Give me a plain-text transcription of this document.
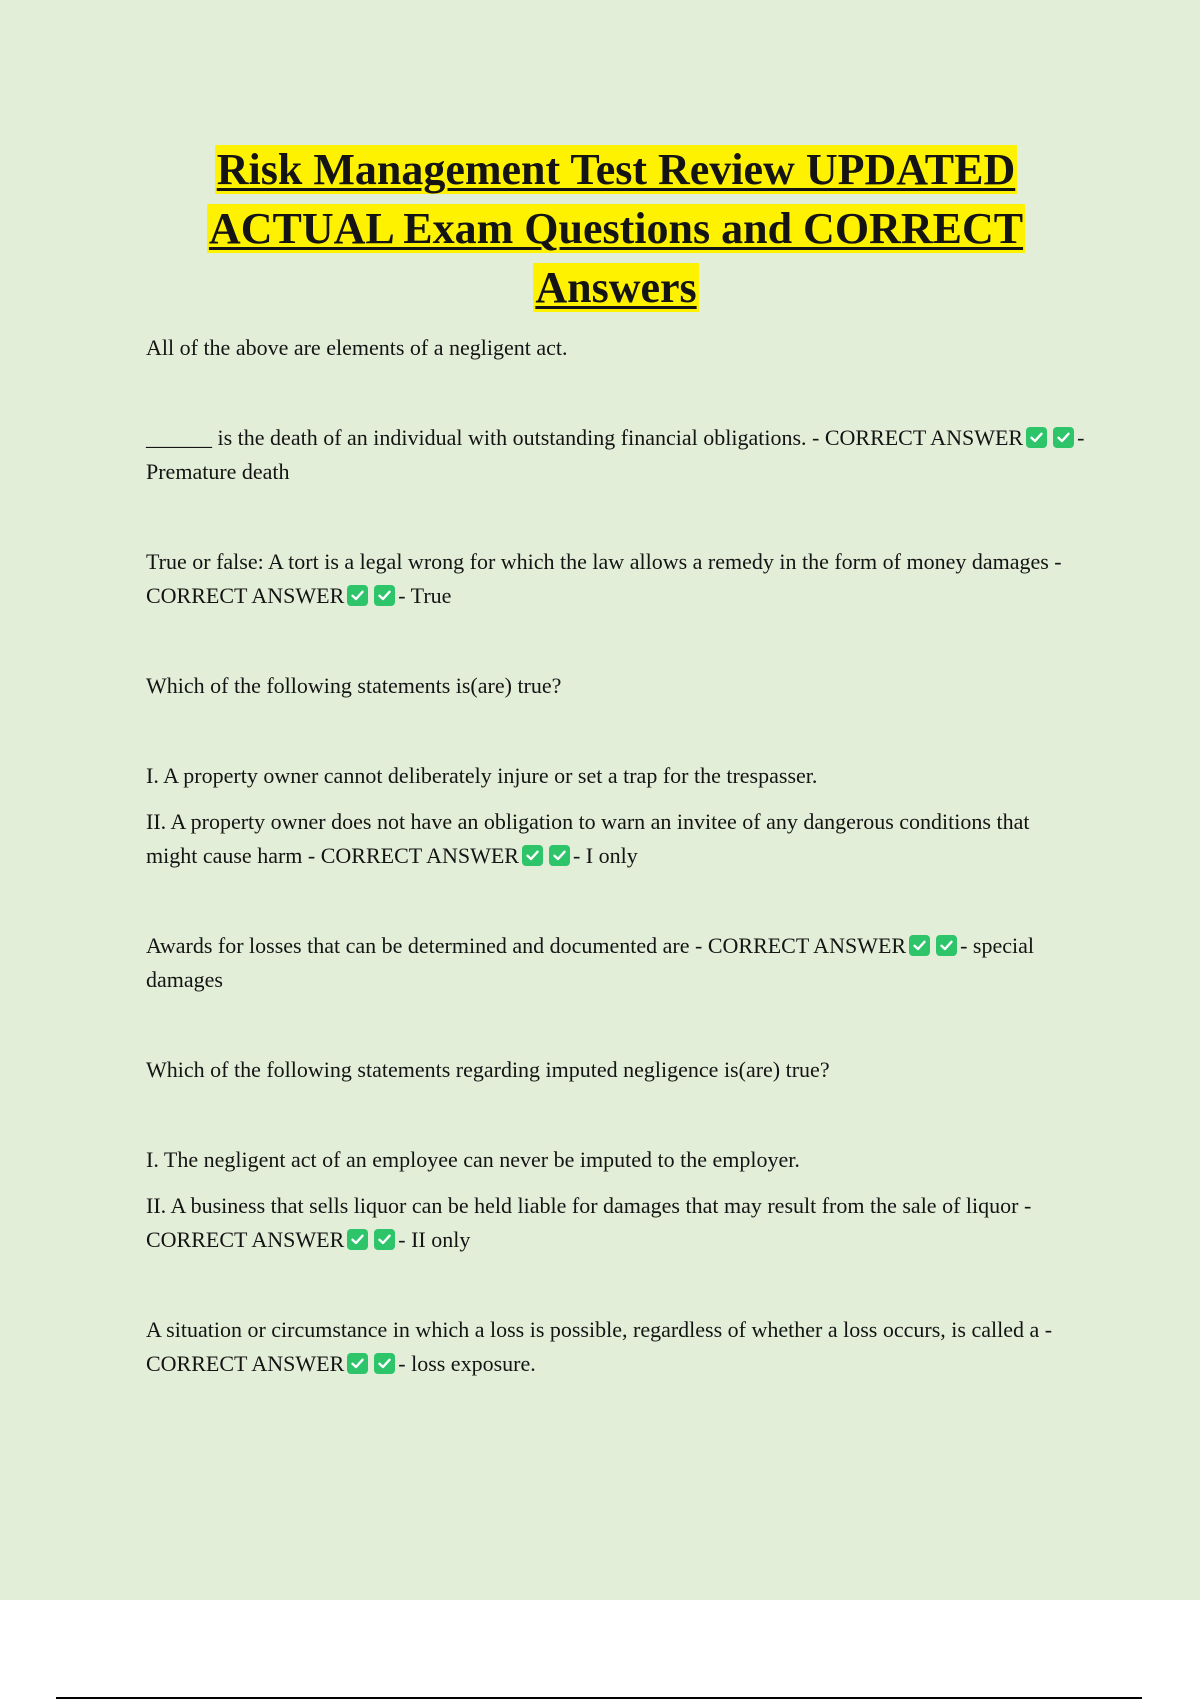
Risk Management Test Review UPDATED
ACTUAL Exam Questions and CORRECT
Answers

All of the above are elements of a negligent act.

______ is the death of an individual with outstanding financial obligations. - CORRECT ANSWER - Premature death

True or false: A tort is a legal wrong for which the law allows a remedy in the form of money damages - CORRECT ANSWER - True

Which of the following statements is(are) true?

I. A property owner cannot deliberately injure or set a trap for the trespasser.

II. A property owner does not have an obligation to warn an invitee of any dangerous conditions that might cause harm - CORRECT ANSWER - I only

Awards for losses that can be determined and documented are - CORRECT ANSWER - special damages

Which of the following statements regarding imputed negligence is(are) true?

I. The negligent act of an employee can never be imputed to the employer.

II. A business that sells liquor can be held liable for damages that may result from the sale of liquor - CORRECT ANSWER - II only

A situation or circumstance in which a loss is possible, regardless of whether a loss occurs, is called a - CORRECT ANSWER - loss exposure.
